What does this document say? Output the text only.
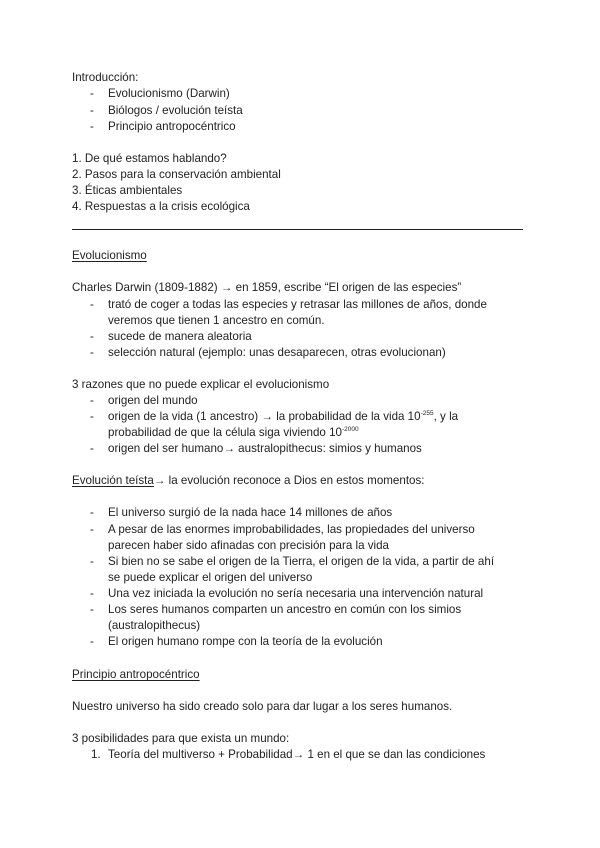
Introducción:
- Evolucionismo (Darwin)
- Biólogos / evolución teísta
- Principio antropocéntrico
1. De qué estamos hablando?
2. Pasos para la conservación ambiental
3. Éticas ambientales
4. Respuestas a la crisis ecológica
Evolucionismo
Charles Darwin (1809-1882) → en 1859, escribe “El origen de las especies”
- trató de coger a todas las especies y retrasar las millones de años, donde
veremos que tienen 1 ancestro en común.
- sucede de manera aleatoria
- selección natural (ejemplo: unas desaparecen, otras evolucionan)
3 razones que no puede explicar el evolucionismo
- origen del mundo
- origen de la vida (1 ancestro) → la probabilidad de la vida $10^{-255}$, y la
probabilidad de que la célula siga viviendo $10^{-2000}$
- origen del ser humano→ australopithecus: simios y humanos
Evolución teísta→ la evolución reconoce a Dios en estos momentos:
- El universo surgió de la nada hace 14 millones de años
- A pesar de las enormes improbabilidades, las propiedades del universo
parecen haber sido afinadas con precisión para la vida
- Si bien no se sabe el origen de la Tierra, el origen de la vida, a partir de ahí
se puede explicar el origen del universo
- Una vez iniciada la evolución no sería necesaria una intervención natural
- Los seres humanos comparten un ancestro en común con los simios
(australopithecus)
- El origen humano rompe con la teoría de la evolución
Principio antropocéntrico
Nuestro universo ha sido creado solo para dar lugar a los seres humanos.
3 posibilidades para que exista un mundo:
1. Teoría del multiverso + Probabilidad→ 1 en el que se dan las condiciones
